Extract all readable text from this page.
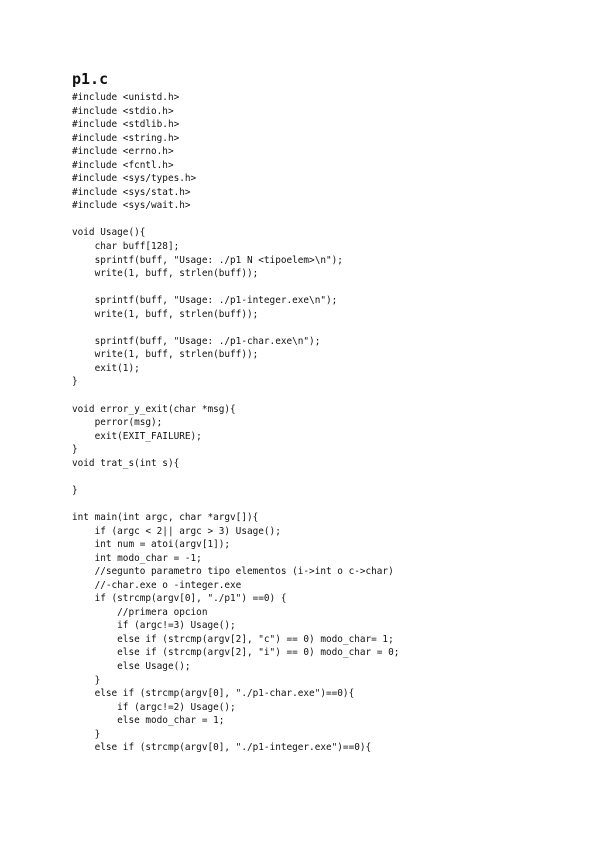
p1.c
#include <unistd.h>
#include <stdio.h>
#include <stdlib.h>
#include <string.h>
#include <errno.h>
#include <fcntl.h>
#include <sys/types.h>
#include <sys/stat.h>
#include <sys/wait.h>
void Usage(){
char buff[128];
sprintf(buff, "Usage: ./p1 N <tipoelem>\n");
write(1, buff, strlen(buff));
sprintf(buff, "Usage: ./p1-integer.exe\n");
write(1, buff, strlen(buff));
sprintf(buff, "Usage: ./p1-char.exe\n");
write(1, buff, strlen(buff));
exit(1);
}
void error_y_exit(char *msg){
perror(msg);
exit(EXIT_FAILURE);
}
void trat_s(int s){
}
int main(int argc, char *argv[]){
if (argc < 2|| argc > 3) Usage();
int num = atoi(argv[1]);
int modo_char = -1;
//segunto parametro tipo elementos (i->int o c->char)
//-char.exe o -integer.exe
if (strcmp(argv[0], "./p1") ==0) {
//primera opcion
if (argc!=3) Usage();
else if (strcmp(argv[2], "c") == 0) modo_char= 1;
else if (strcmp(argv[2], "i") == 0) modo_char = 0;
else Usage();
}
else if (strcmp(argv[0], "./p1-char.exe")==0){
if (argc!=2) Usage();
else modo_char = 1;
}
else if (strcmp(argv[0], "./p1-integer.exe")==0){
